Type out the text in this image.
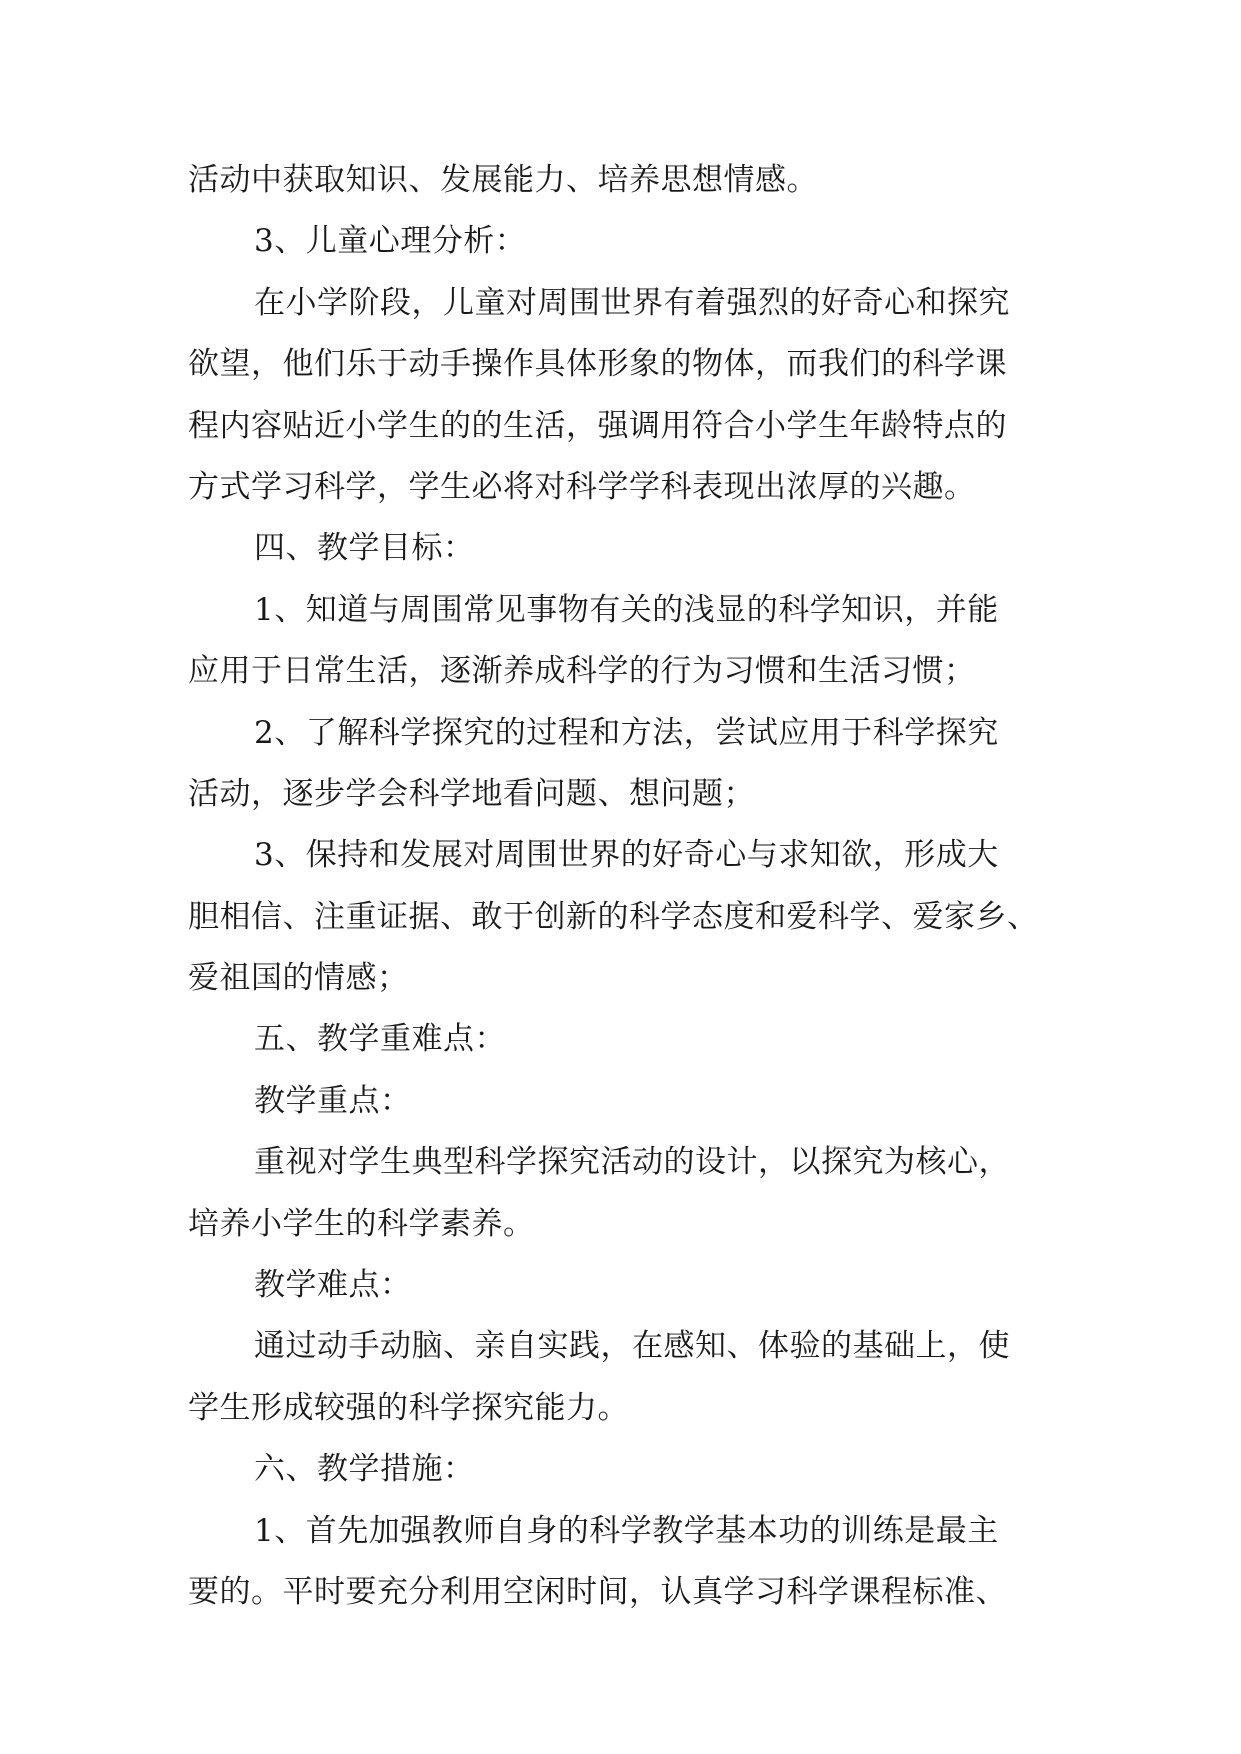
活动中获取知识、发展能力、培养思想情感。
3、儿童心理分析：
在小学阶段，儿童对周围世界有着强烈的好奇心和探究
欲望，他们乐于动手操作具体形象的物体，而我们的科学课
程内容贴近小学生的的生活，强调用符合小学生年龄特点的
方式学习科学，学生必将对科学学科表现出浓厚的兴趣。
四、教学目标：
1、知道与周围常见事物有关的浅显的科学知识，并能
应用于日常生活，逐渐养成科学的行为习惯和生活习惯；
2、了解科学探究的过程和方法，尝试应用于科学探究
活动，逐步学会科学地看问题、想问题；
3、保持和发展对周围世界的好奇心与求知欲，形成大
胆相信、注重证据、敢于创新的科学态度和爱科学、爱家乡、
爱祖国的情感；
五、教学重难点：
教学重点：
重视对学生典型科学探究活动的设计，以探究为核心，
培养小学生的科学素养。
教学难点：
通过动手动脑、亲自实践，在感知、体验的基础上，使
学生形成较强的科学探究能力。
六、教学措施：
1、首先加强教师自身的科学教学基本功的训练是最主
要的。平时要充分利用空闲时间，认真学习科学课程标准、
